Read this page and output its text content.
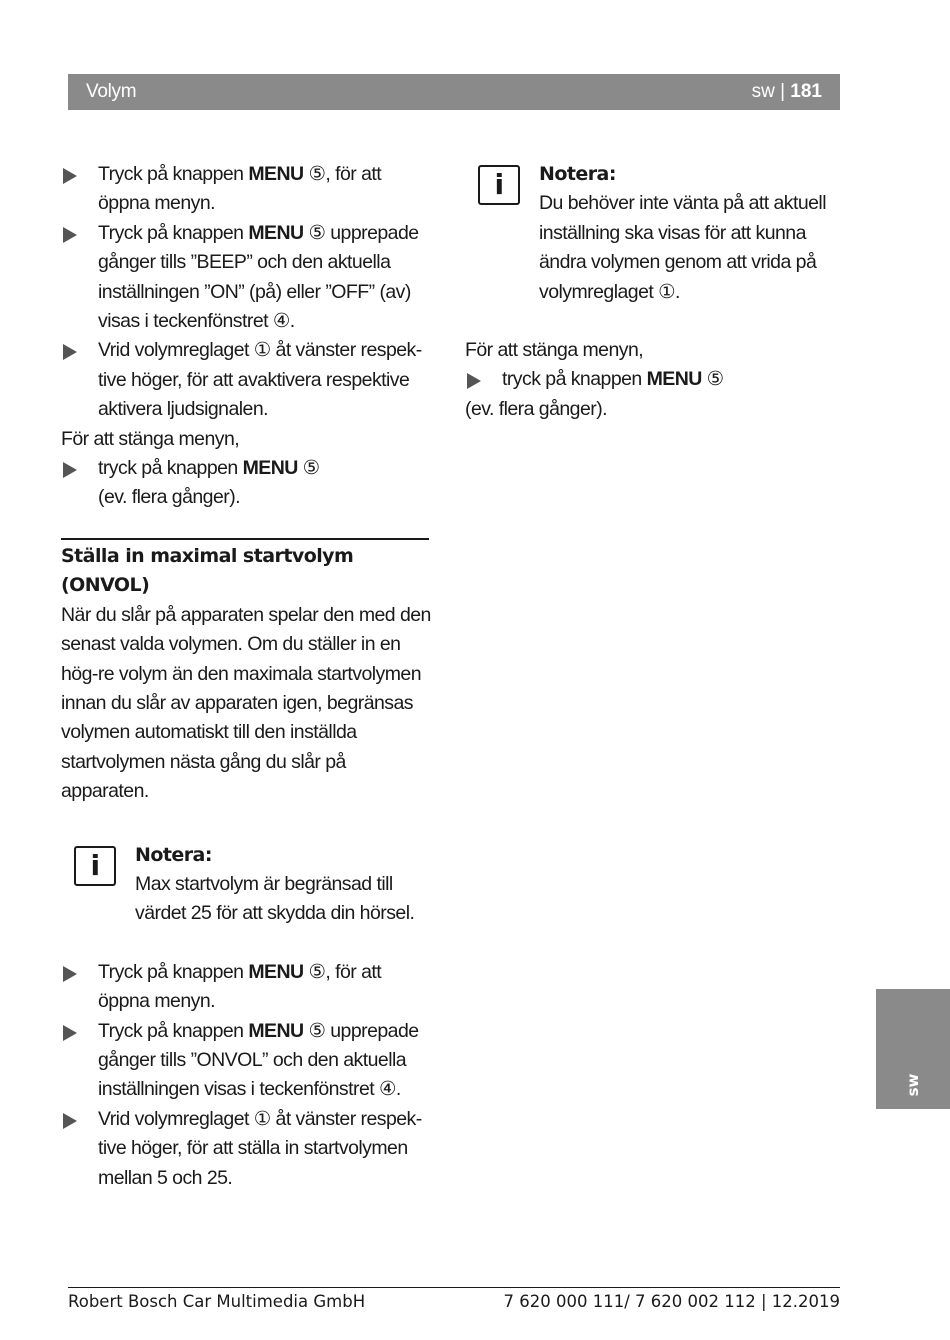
Volym	sw | 181
Tryck på knappen MENU ⑤, för att öppna menyn.
Tryck på knappen MENU ⑤ upprepade gånger tills ”BEEP” och den aktuella inställningen ”ON” (på) eller ”OFF” (av) visas i teckenfönstret ④.
Vrid volymreglaget ① åt vänster respek-tive höger, för att avaktivera respektive aktivera ljudsignalen.
För att stänga menyn,
tryck på knappen MENU ⑤
(ev. flera gånger).
Ställa in maximal startvolym (ONVOL)
När du slår på apparaten spelar den med den senast valda volymen. Om du ställer in en hög-re volym än den maximala startvolymen innan du slår av apparaten igen, begränsas volymen automatiskt till den inställda startvolymen nästa gång du slår på apparaten.
i	Notera:
Max startvolym är begränsad till värdet 25 för att skydda din hörsel.
Tryck på knappen MENU ⑤, för att öppna menyn.
Tryck på knappen MENU ⑤ upprepade gånger tills ”ONVOL” och den aktuella inställningen visas i teckenfönstret ④.
Vrid volymreglaget ① åt vänster respek-tive höger, för att ställa in startvolymen mellan 5 och 25.
i	Notera:
Du behöver inte vänta på att aktuell inställning ska visas för att kunna ändra volymen genom att vrida på volymreglaget ①.
För att stänga menyn,
tryck på knappen MENU ⑤
(ev. flera gånger).
sw
Robert Bosch Car Multimedia GmbH	7 620 000 111/ 7 620 002 112 | 12.2019
